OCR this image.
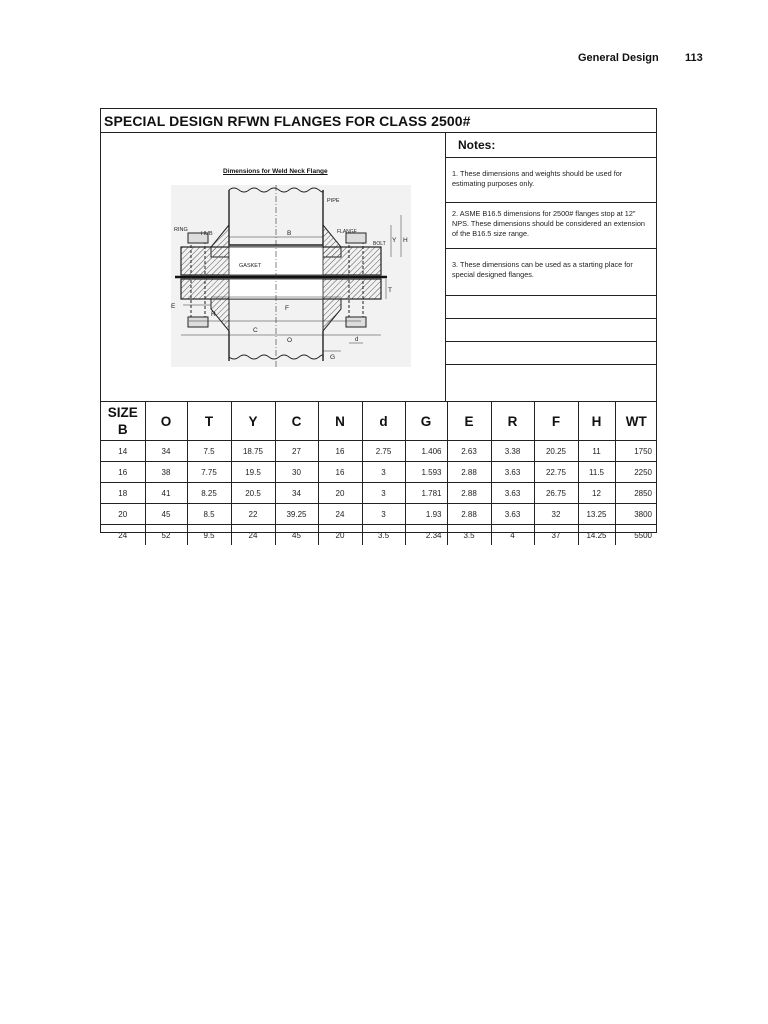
General Design 113
SPECIAL DESIGN RFWN FLANGES FOR CLASS 2500#
Dimensions for Weld Neck Flange
PIPE
RING
HUB	B	FLANGE
BOLT Y H
GASKET
T
F
E
R
C
O	d
G
Notes:
1. These dimensions and weights should be used for estimating purposes only.
2. ASME B16.5 dimensions for 2500# flanges stop at 12" NPS. These dimensions should be considered an extension of the B16.5 size range.
3. These dimensions can be used as a starting place for special designed flanges.
SIZE
B	O	T	Y	C	N	d	G	E	R	F	H	WT
14	34	7.5	18.75	27	16	2.75	1.406	2.63	3.38	20.25	11	1750
16	38	7.75	19.5	30	16	3	1.593	2.88	3.63	22.75	11.5	2250
18	41	8.25	20.5	34	20	3	1.781	2.88	3.63	26.75	12	2850
20	45	8.5	22	39.25	24	3	1.93	2.88	3.63	32	13.25	3800
24	52	9.5	24	45	20	3.5	2.34	3.5	4	37	14.25	5500
